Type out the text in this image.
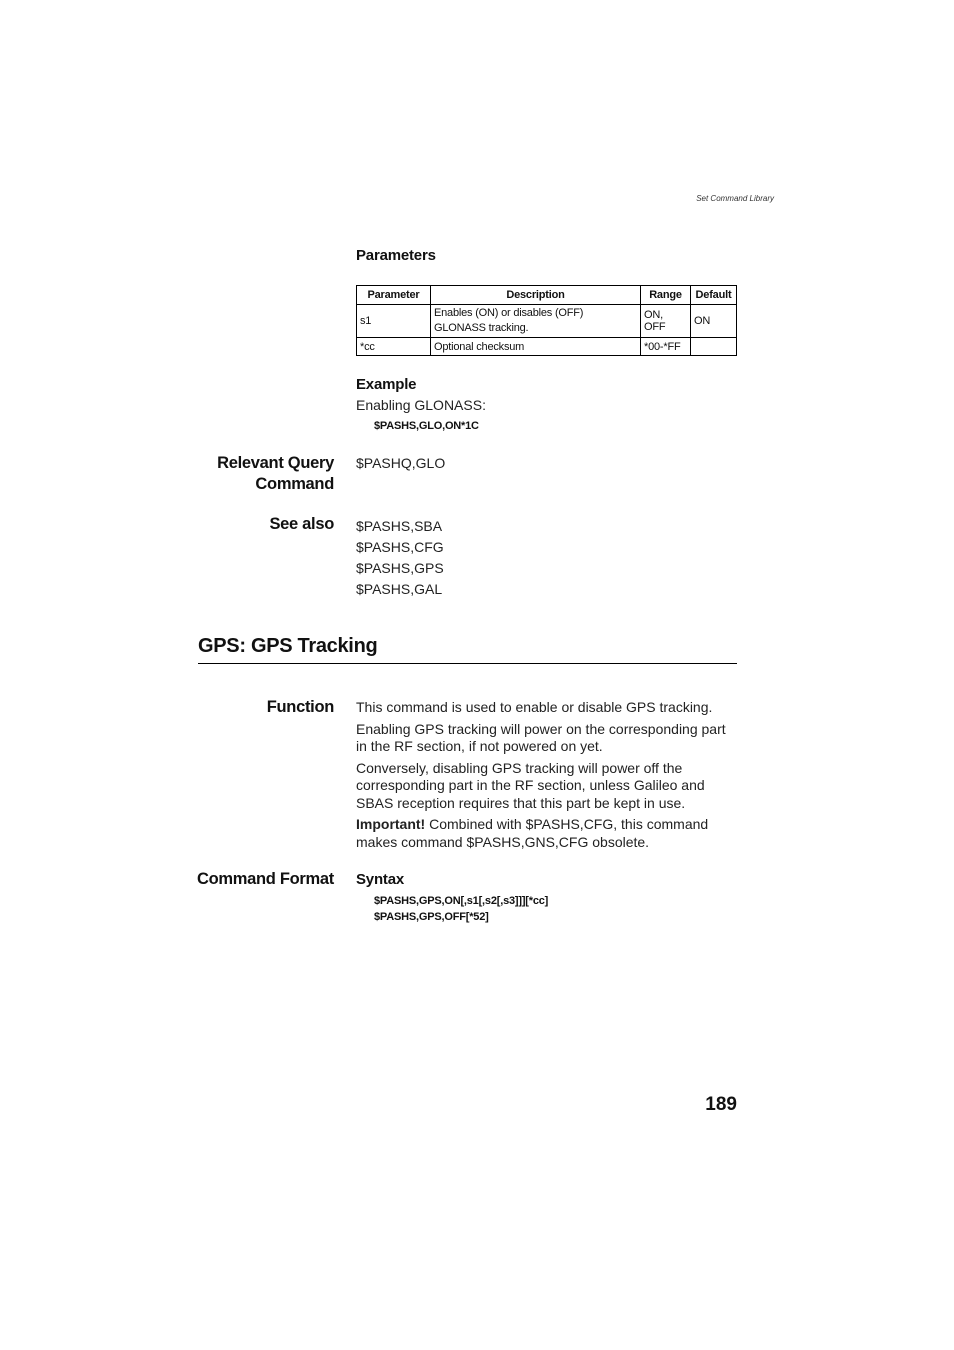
Set Command Library
Parameters
Parameter	Description	Range	Default
s1	Enables (ON) or disables (OFF) GLONASS tracking.	ON, OFF	ON
*cc	Optional checksum	*00-*FF	
Example
Enabling GLONASS:
$PASHS,GLO,ON*1C
Relevant Query
Command
$PASHQ,GLO
See also $PASHS,SBA
$PASHS,CFG
$PASHS,GPS
$PASHS,GAL
GPS: GPS Tracking
Function This command is used to enable or disable GPS tracking.

Enabling GPS tracking will power on the corresponding part in the RF section, if not powered on yet.

Conversely, disabling GPS tracking will power off the corresponding part in the RF section, unless Galileo and SBAS reception requires that this part be kept in use.

Important! Combined with $PASHS,CFG, this command makes command $PASHS,GNS,CFG obsolete.

Command Format Syntax
$PASHS,GPS,ON[,s1[,s2[,s3]]][*cc]
$PASHS,GPS,OFF[*52]
189
